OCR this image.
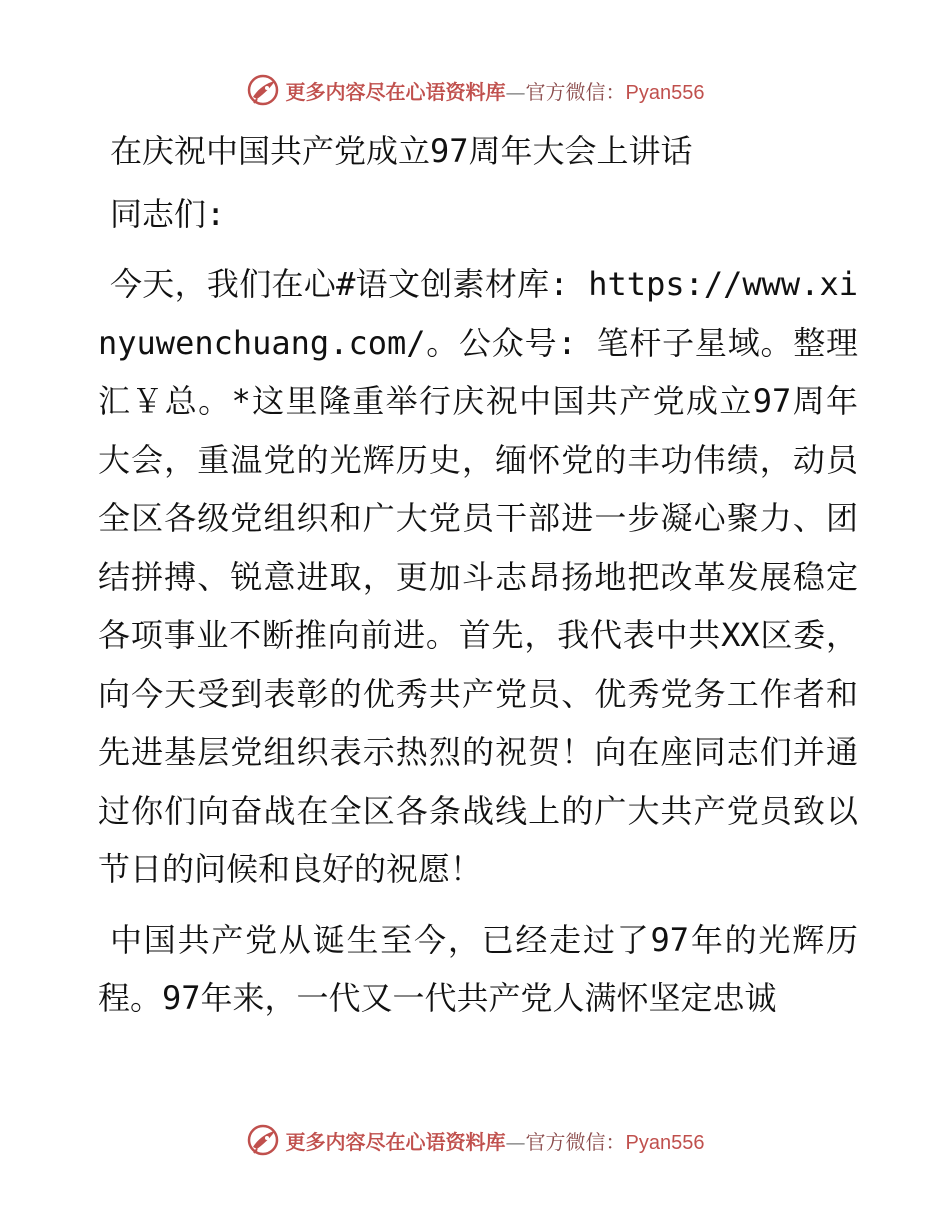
更多内容尽在心语资料库—官方微信：Pyan556

在庆祝中国共产党成立97周年大会上讲话

同志们:

今天，我们在心#语文创素材库: https://www.xinyuwenchuang.com/。公众号: 笔杆子星域。整理汇￥总。*这里隆重举行庆祝中国共产党成立97周年大会，重温党的光辉历史，缅怀党的丰功伟绩，动员全区各级党组织和广大党员干部进一步凝心聚力、团结拼搏、锐意进取，更加斗志昂扬地把改革发展稳定各项事业不断推向前进。首先，我代表中共XX区委，向今天受到表彰的优秀共产党员、优秀党务工作者和先进基层党组织表示热烈的祝贺！向在座同志们并通过你们向奋战在全区各条战线上的广大共产党员致以节日的问候和良好的祝愿！

中国共产党从诞生至今，已经走过了97年的光辉历程。97年来，一代又一代共产党人满怀坚定忠诚

更多内容尽在心语资料库—官方微信：Pyan556
